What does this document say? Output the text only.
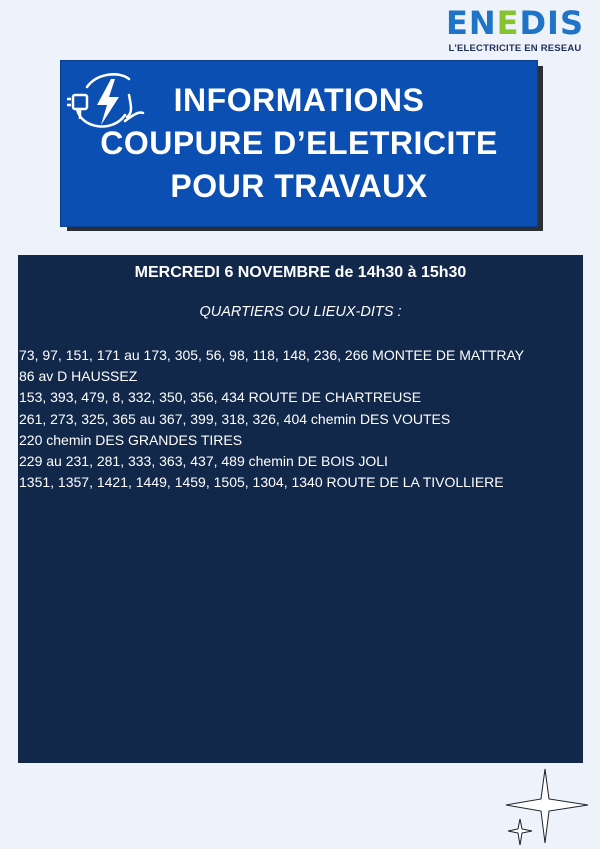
ENEDIS
L'ELECTRICITE EN RESEAU
INFORMATIONS
COUPURE D’ELETRICITE
POUR TRAVAUX
MERCREDI 6 NOVEMBRE de 14h30 à 15h30
QUARTIERS OU LIEUX-DITS :
73, 97, 151, 171 au 173, 305, 56, 98, 118, 148, 236, 266 MONTEE DE MATTRAY
86 av D HAUSSEZ
153, 393, 479, 8, 332, 350, 356, 434 ROUTE DE CHARTREUSE
261, 273, 325, 365 au 367, 399, 318, 326, 404 chemin DES VOUTES
220 chemin DES GRANDES TIRES
229 au 231, 281, 333, 363, 437, 489 chemin DE BOIS JOLI
1351, 1357, 1421, 1449, 1459, 1505, 1304, 1340 ROUTE DE LA TIVOLLIERE
